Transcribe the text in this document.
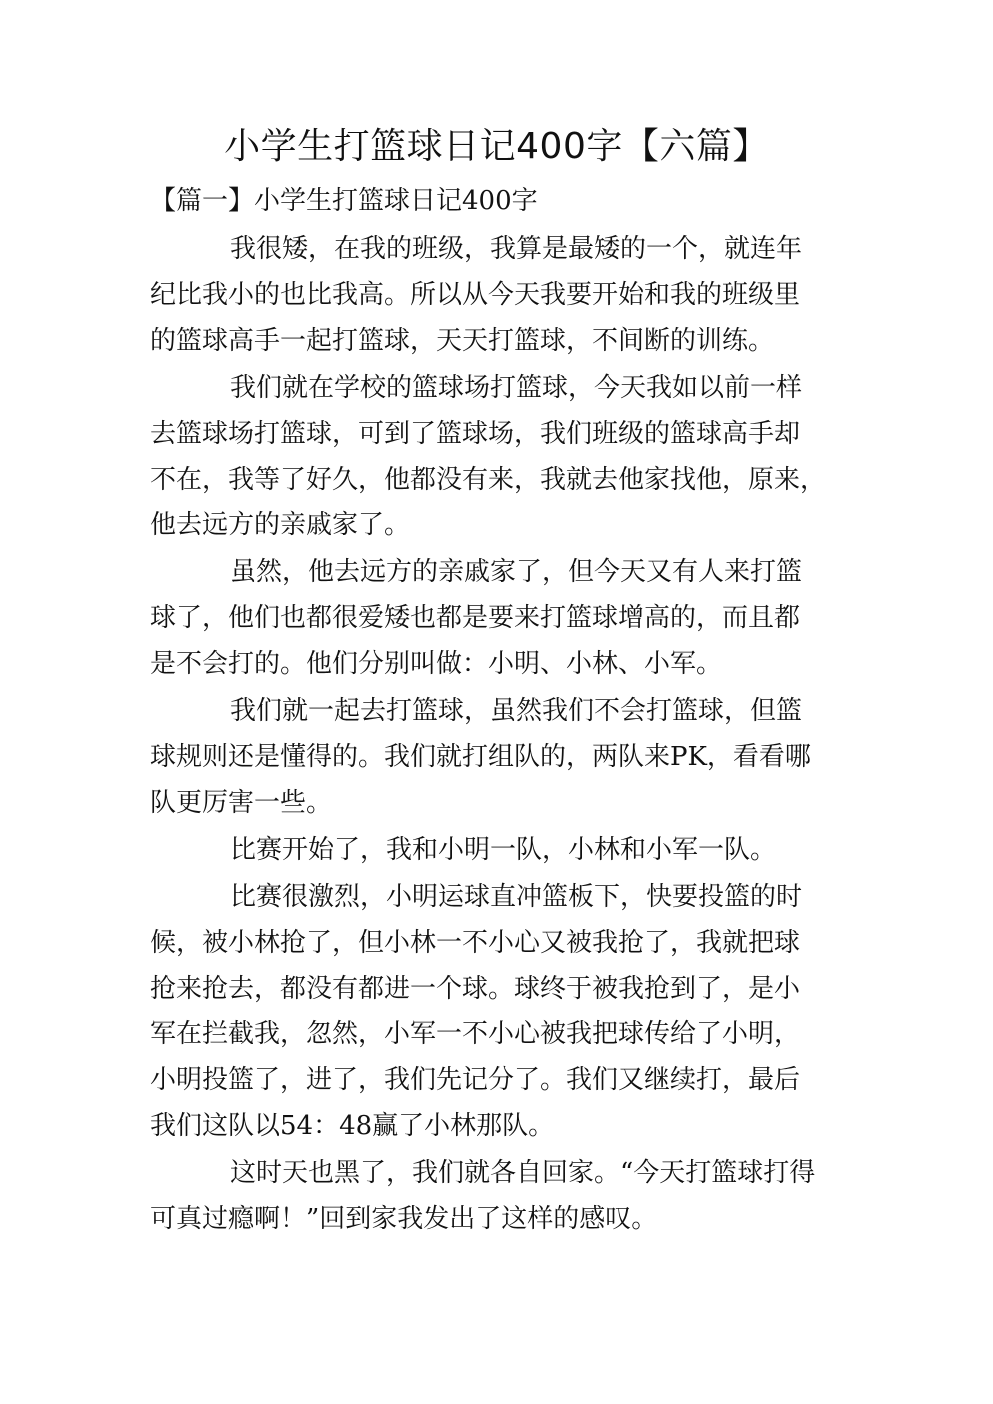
小学生打篮球日记400字【六篇】
【篇一】小学生打篮球日记400字

我很矮，在我的班级，我算是最矮的一个，就连年
纪比我小的也比我高。所以从今天我要开始和我的班级里
的篮球高手一起打篮球，天天打篮球，不间断的训练。

我们就在学校的篮球场打篮球，今天我如以前一样
去篮球场打篮球，可到了篮球场，我们班级的篮球高手却
不在，我等了好久，他都没有来，我就去他家找他，原来，
他去远方的亲戚家了。

虽然，他去远方的亲戚家了，但今天又有人来打篮
球了，他们也都很爱矮也都是要来打篮球增高的，而且都
是不会打的。他们分别叫做：小明、小林、小军。

我们就一起去打篮球，虽然我们不会打篮球，但篮
球规则还是懂得的。我们就打组队的，两队来PK，看看哪
队更厉害一些。

比赛开始了，我和小明一队，小林和小军一队。

比赛很激烈，小明运球直冲篮板下，快要投篮的时
候，被小林抢了，但小林一不小心又被我抢了，我就把球
抢来抢去，都没有都进一个球。球终于被我抢到了，是小
军在拦截我，忽然，小军一不小心被我把球传给了小明，
小明投篮了，进了，我们先记分了。我们又继续打，最后
我们这队以54：48赢了小林那队。

这时天也黑了，我们就各自回家。“今天打篮球打得
可真过瘾啊！”回到家我发出了这样的感叹。
